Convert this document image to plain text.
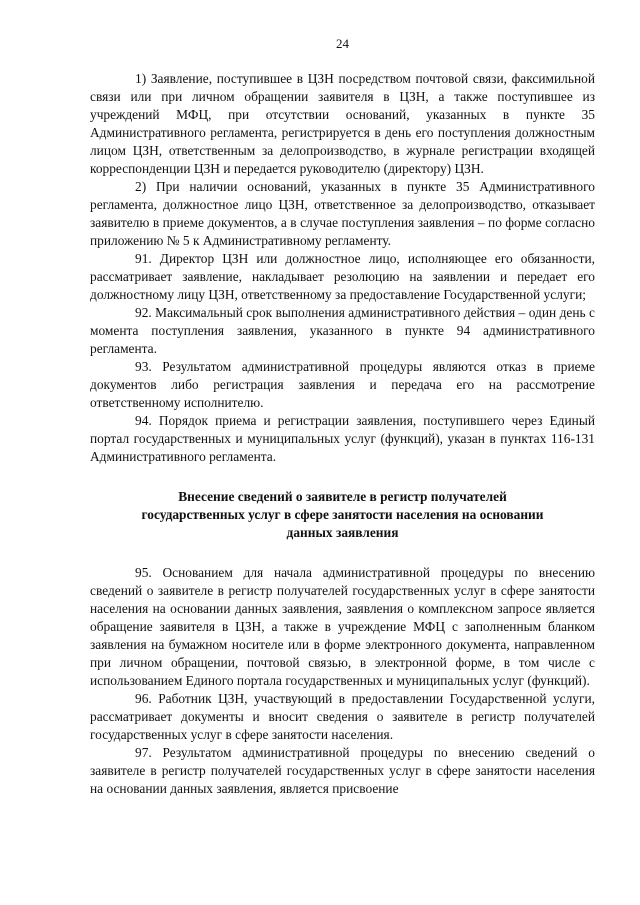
24

1) Заявление, поступившее в ЦЗН посредством почтовой связи, факсимильной связи или при личном обращении заявителя в ЦЗН, а также поступившее из учреждений МФЦ, при отсутствии оснований, указанных в пункте 35 Административного регламента, регистрируется в день его поступления должностным лицом ЦЗН, ответственным за делопроизводство, в журнале регистрации входящей корреспонденции ЦЗН и передается руководителю (директору) ЦЗН.

2) При наличии оснований, указанных в пункте 35 Административного регламента, должностное лицо ЦЗН, ответственное за делопроизводство, отказывает заявителю в приеме документов, а в случае поступления заявления – по форме согласно приложению № 5 к Административному регламенту.

91. Директор ЦЗН или должностное лицо, исполняющее его обязанности, рассматривает заявление, накладывает резолюцию на заявлении и передает его должностному лицу ЦЗН, ответственному за предоставление Государственной услуги;

92. Максимальный срок выполнения административного действия – один день с момента поступления заявления, указанного в пункте 94 административного регламента.

93. Результатом административной процедуры являются отказ в приеме документов либо регистрация заявления и передача его на рассмотрение ответственному исполнителю.

94. Порядок приема и регистрации заявления, поступившего через Единый портал государственных и муниципальных услуг (функций), указан в пунктах 116-131 Административного регламента.

Внесение сведений о заявителе в регистр получателей
государственных услуг в сфере занятости населения на основании
данных заявления

95. Основанием для начала административной процедуры по внесению сведений о заявителе в регистр получателей государственных услуг в сфере занятости населения на основании данных заявления, заявления о комплексном запросе является обращение заявителя в ЦЗН, а также в учреждение МФЦ с заполненным бланком заявления на бумажном носителе или в форме электронного документа, направленном при личном обращении, почтовой связью, в электронной форме, в том числе с использованием Единого портала государственных и муниципальных услуг (функций).

96. Работник ЦЗН, участвующий в предоставлении Государственной услуги, рассматривает документы и вносит сведения о заявителе в регистр получателей государственных услуг в сфере занятости населения.

97. Результатом административной процедуры по внесению сведений о заявителе в регистр получателей государственных услуг в сфере занятости населения на основании данных заявления, является присвоение
